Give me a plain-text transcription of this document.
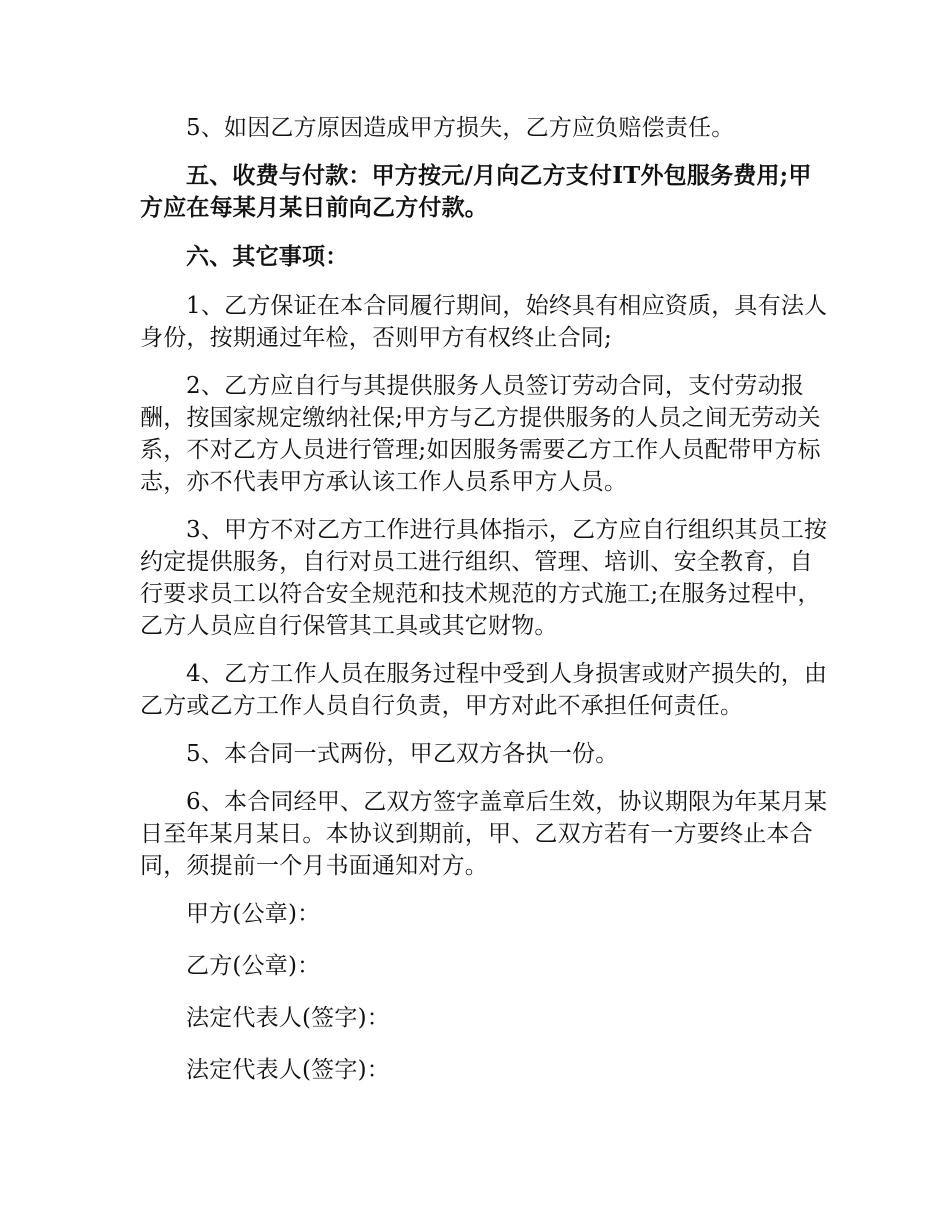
5、如因乙方原因造成甲方损失，乙方应负赔偿责任。

五、收费与付款：甲方按元/月向乙方支付IT外包服务费用;甲方应在每某月某日前向乙方付款。

六、其它事项：

1、乙方保证在本合同履行期间，始终具有相应资质，具有法人身份，按期通过年检，否则甲方有权终止合同;

2、乙方应自行与其提供服务人员签订劳动合同，支付劳动报酬，按国家规定缴纳社保;甲方与乙方提供服务的人员之间无劳动关系，不对乙方人员进行管理;如因服务需要乙方工作人员配带甲方标志，亦不代表甲方承认该工作人员系甲方人员。

3、甲方不对乙方工作进行具体指示，乙方应自行组织其员工按约定提供服务，自行对员工进行组织、管理、培训、安全教育，自行要求员工以符合安全规范和技术规范的方式施工;在服务过程中，乙方人员应自行保管其工具或其它财物。

4、乙方工作人员在服务过程中受到人身损害或财产损失的，由乙方或乙方工作人员自行负责，甲方对此不承担任何责任。

5、本合同一式两份，甲乙双方各执一份。

6、本合同经甲、乙双方签字盖章后生效，协议期限为年某月某日至年某月某日。本协议到期前，甲、乙双方若有一方要终止本合同，须提前一个月书面通知对方。

甲方(公章)：

乙方(公章)：

法定代表人(签字)：

法定代表人(签字)：
